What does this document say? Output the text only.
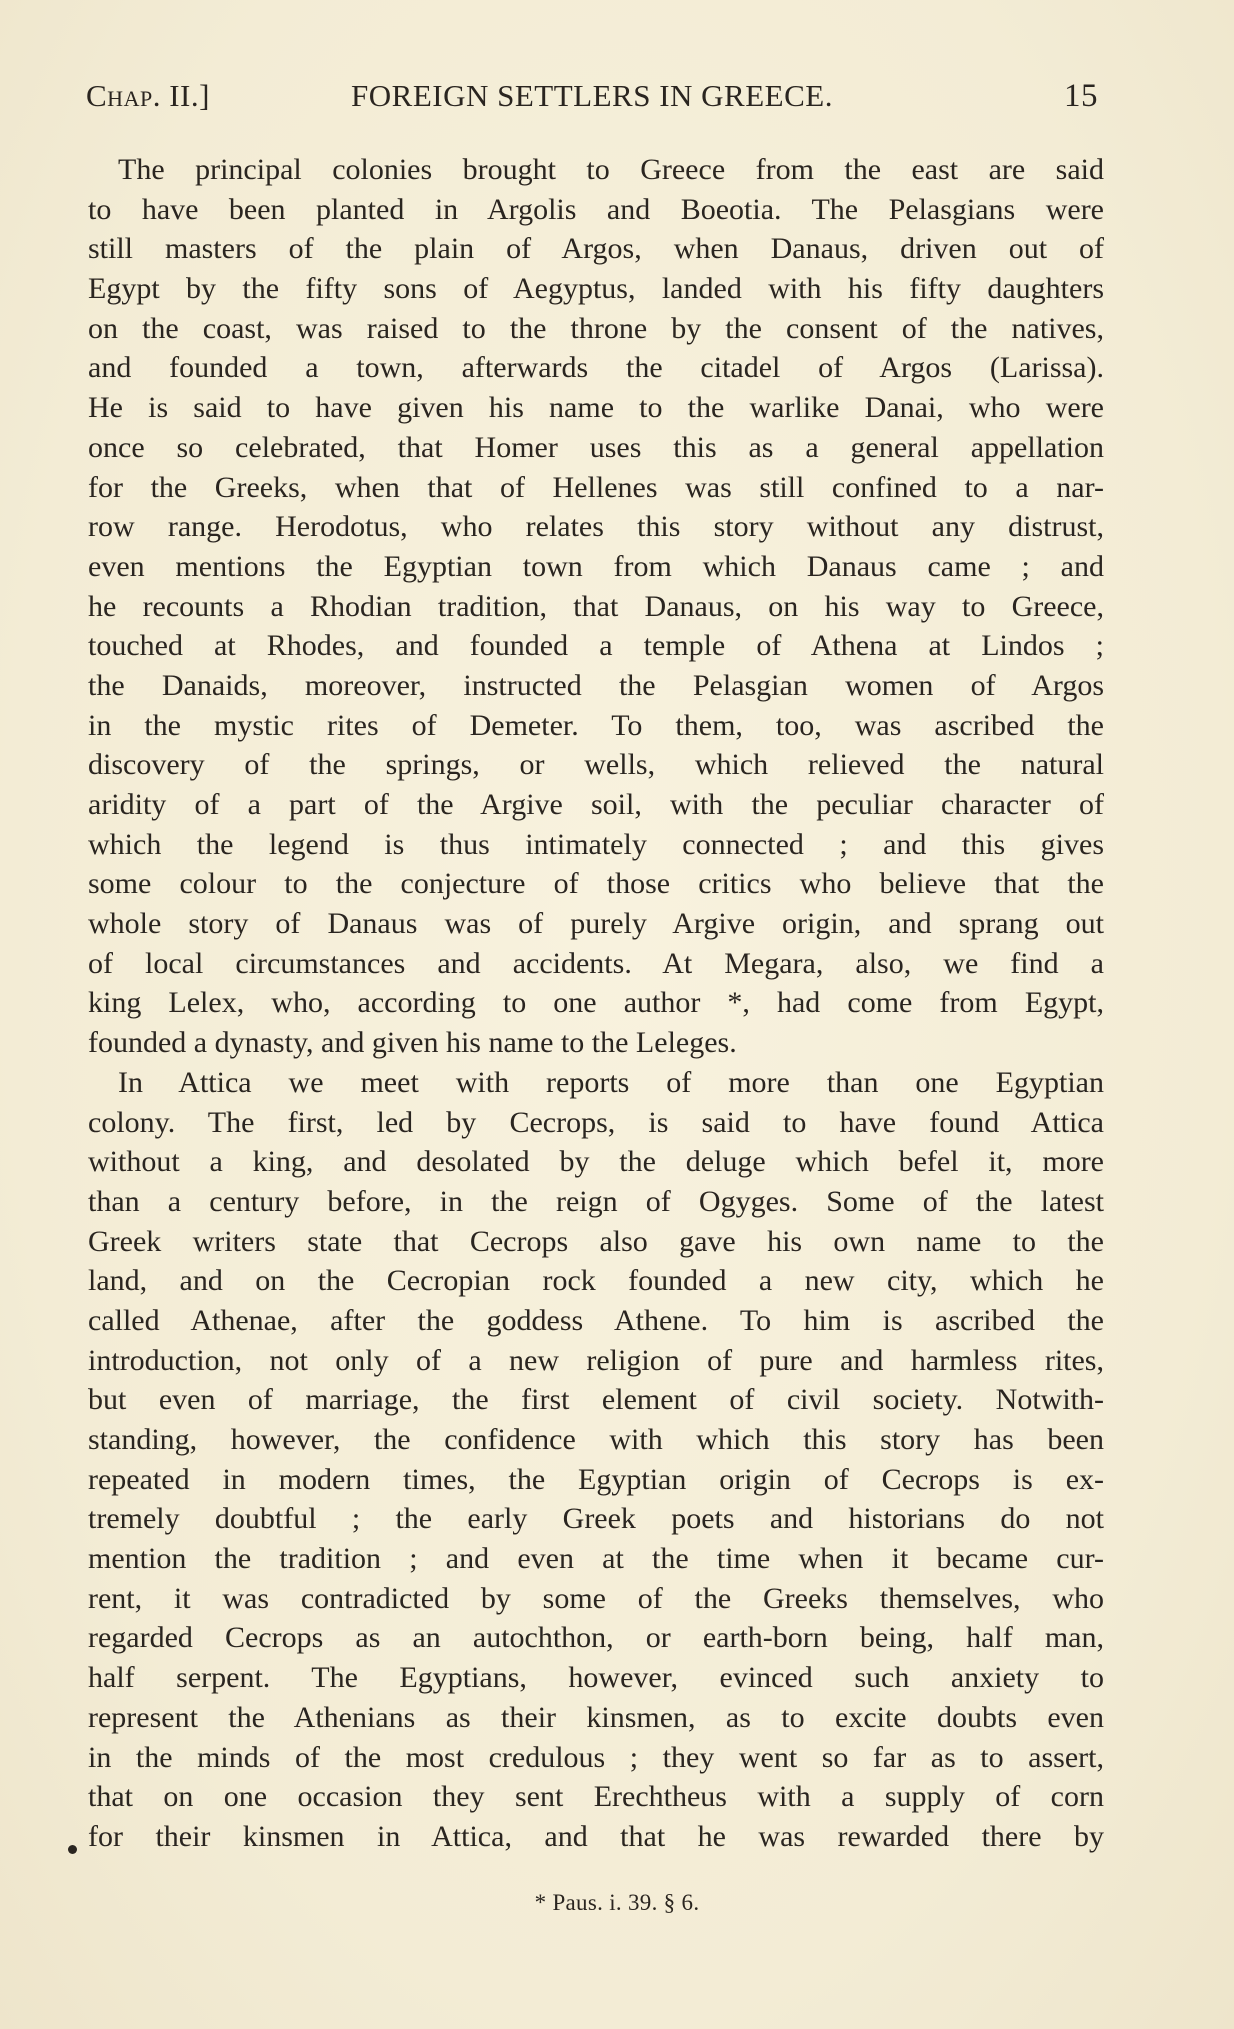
Chap. II.]	FOREIGN SETTLERS IN GREECE.	15
The principal colonies brought to Greece from the east are said
to have been planted in Argolis and Boeotia. The Pelasgians were
still masters of the plain of Argos, when Danaus, driven out of
Egypt by the fifty sons of Aegyptus, landed with his fifty daughters
on the coast, was raised to the throne by the consent of the natives,
and founded a town, afterwards the citadel of Argos (Larissa).
He is said to have given his name to the warlike Danai, who were
once so celebrated, that Homer uses this as a general appellation
for the Greeks, when that of Hellenes was still confined to a nar-
row range. Herodotus, who relates this story without any distrust,
even mentions the Egyptian town from which Danaus came ; and
he recounts a Rhodian tradition, that Danaus, on his way to Greece,
touched at Rhodes, and founded a temple of Athena at Lindos ;
the Danaids, moreover, instructed the Pelasgian women of Argos
in the mystic rites of Demeter. To them, too, was ascribed the
discovery of the springs, or wells, which relieved the natural
aridity of a part of the Argive soil, with the peculiar character of
which the legend is thus intimately connected ; and this gives
some colour to the conjecture of those critics who believe that the
whole story of Danaus was of purely Argive origin, and sprang out
of local circumstances and accidents. At Megara, also, we find a
king Lelex, who, according to one author *, had come from Egypt,
founded a dynasty, and given his name to the Leleges.
In Attica we meet with reports of more than one Egyptian
colony. The first, led by Cecrops, is said to have found Attica
without a king, and desolated by the deluge which befel it, more
than a century before, in the reign of Ogyges. Some of the latest
Greek writers state that Cecrops also gave his own name to the
land, and on the Cecropian rock founded a new city, which he
called Athenae, after the goddess Athene. To him is ascribed the
introduction, not only of a new religion of pure and harmless rites,
but even of marriage, the first element of civil society. Notwith-
standing, however, the confidence with which this story has been
repeated in modern times, the Egyptian origin of Cecrops is ex-
tremely doubtful ; the early Greek poets and historians do not
mention the tradition ; and even at the time when it became cur-
rent, it was contradicted by some of the Greeks themselves, who
regarded Cecrops as an autochthon, or earth-born being, half man,
half serpent. The Egyptians, however, evinced such anxiety to
represent the Athenians as their kinsmen, as to excite doubts even
in the minds of the most credulous ; they went so far as to assert,
that on one occasion they sent Erechtheus with a supply of corn
for their kinsmen in Attica, and that he was rewarded there by
* Paus. i. 39. § 6.
